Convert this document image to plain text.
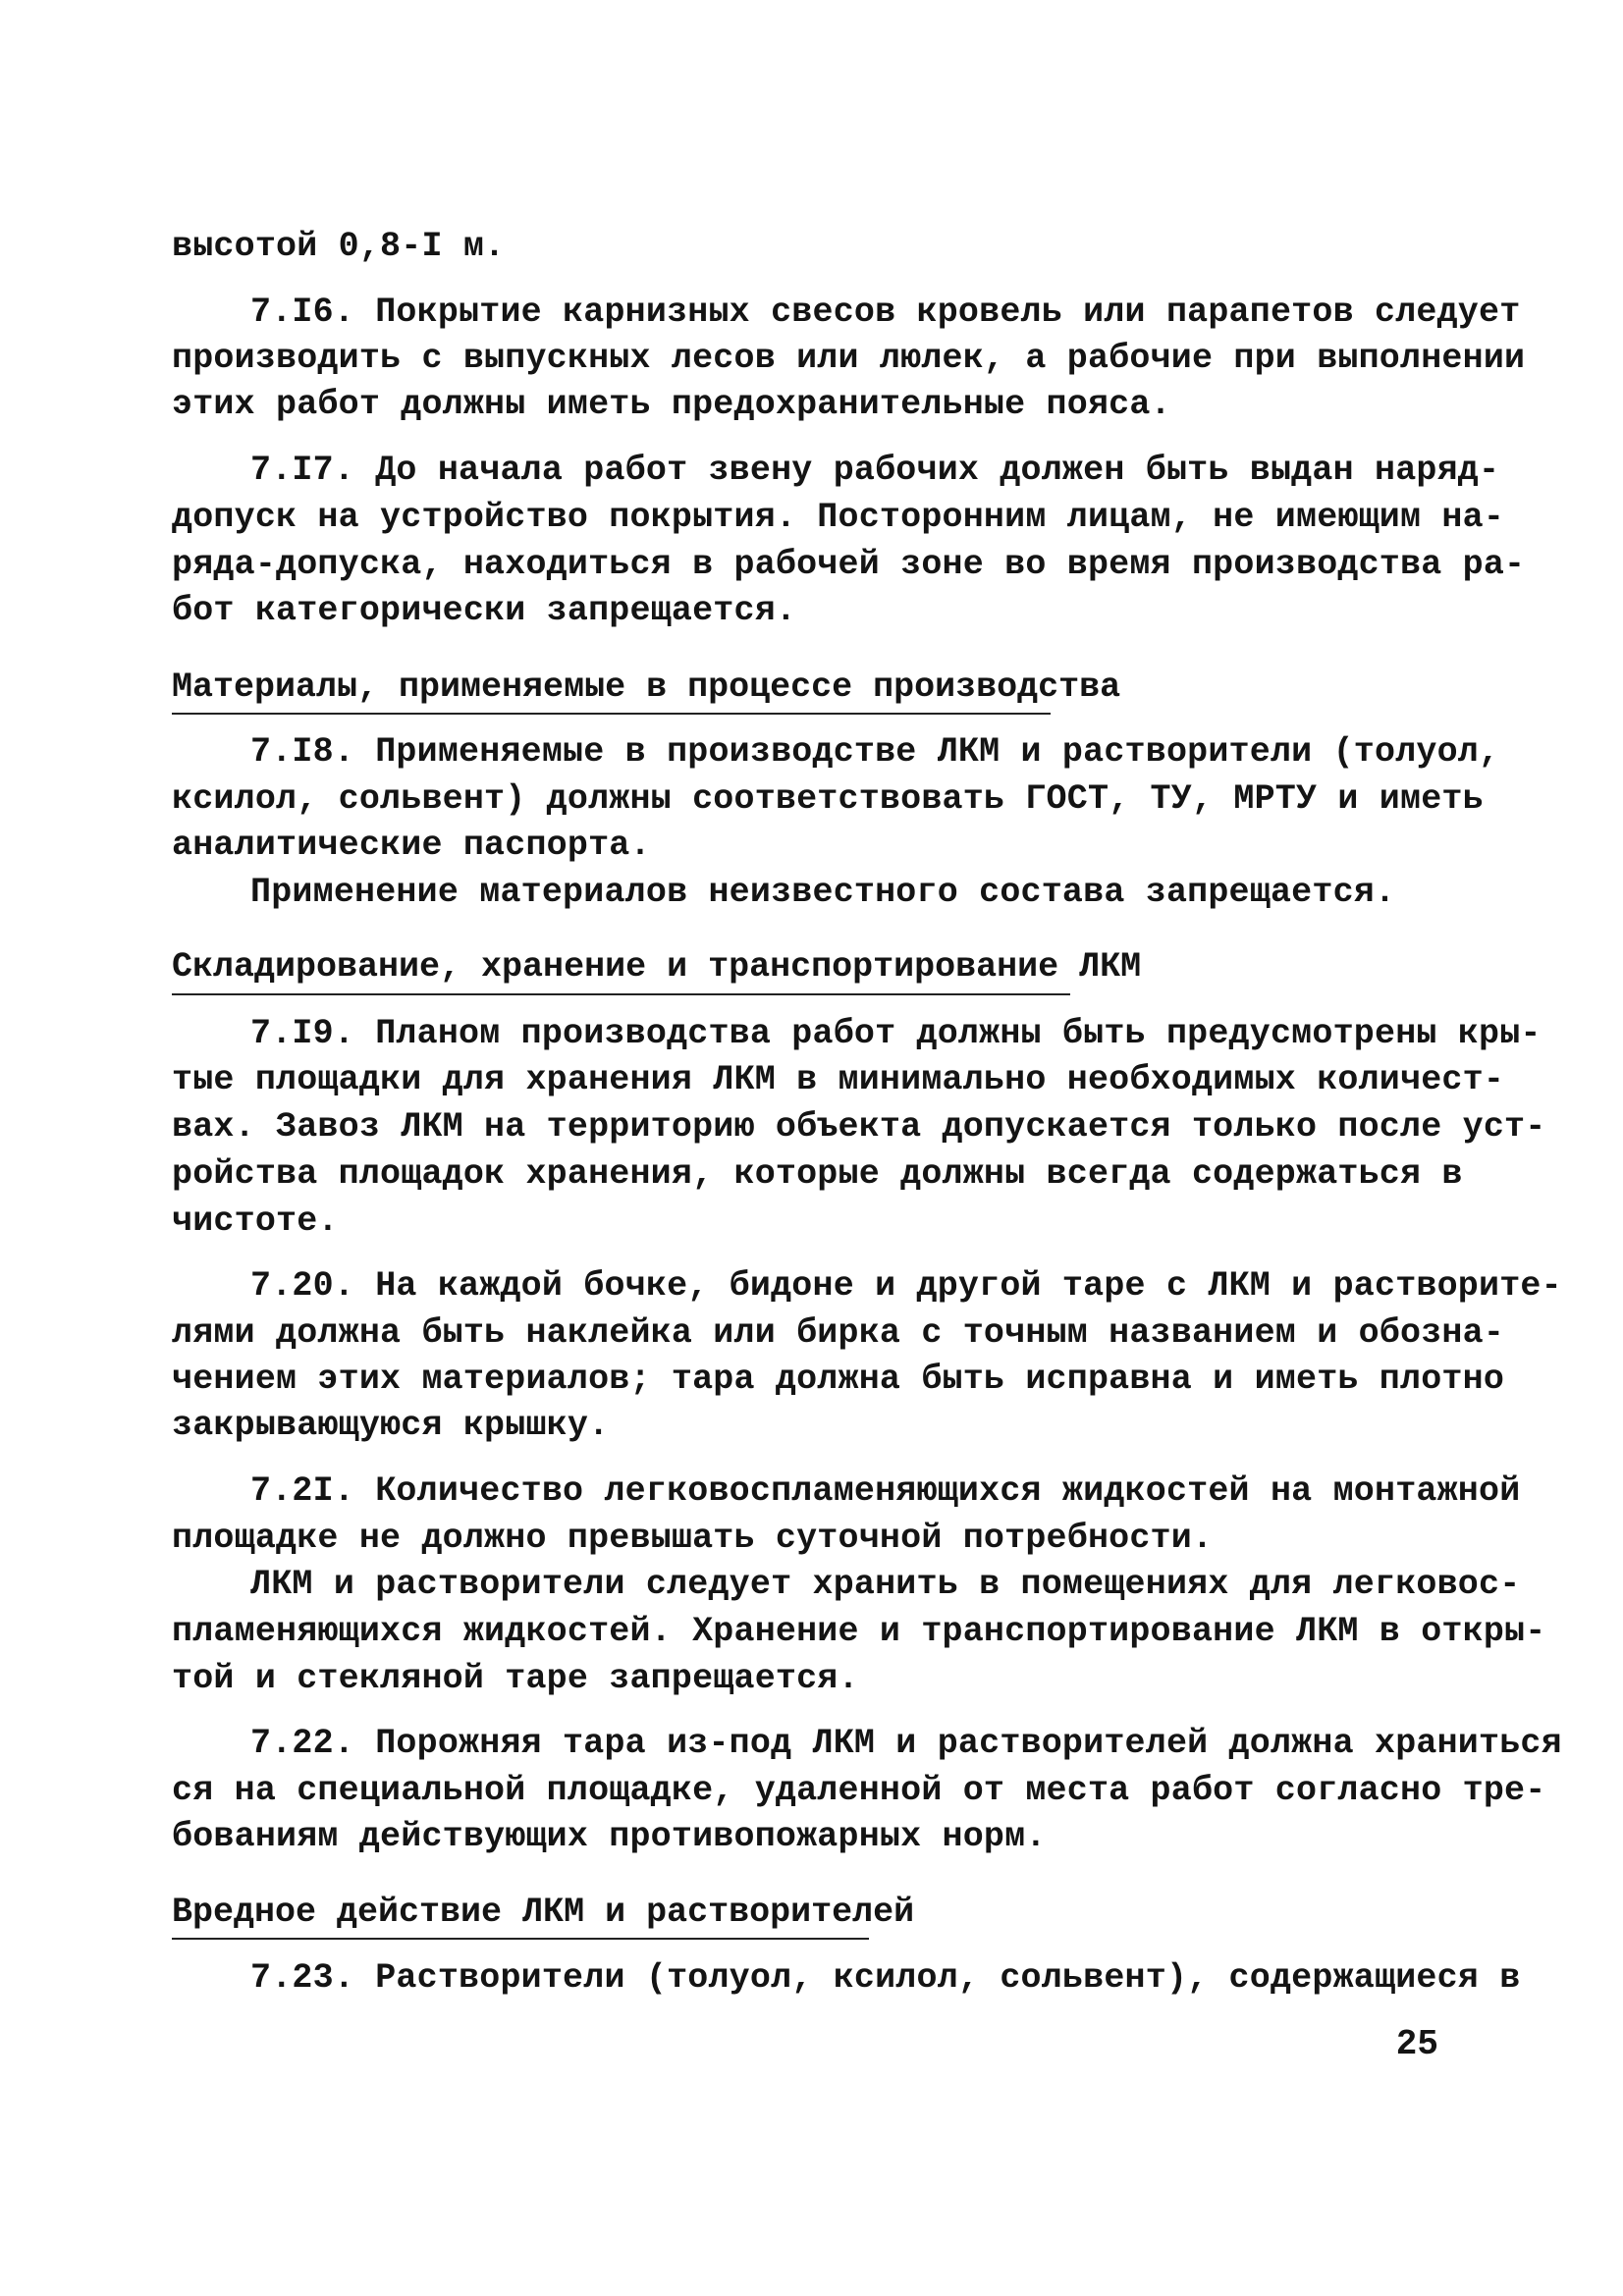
высотой 0,8-I м.

7.I6. Покрытие карнизных свесов кровель или парапетов следует

производить с выпускных лесов или люлек, а рабочие при выполнении

этих работ должны иметь предохранительные пояса.

7.I7. До начала работ звену рабочих должен быть выдан наряд-

допуск на устройство покрытия. Посторонним лицам, не имеющим на-

ряда-допуска, находиться в рабочей зоне во время производства ра-

бот категорически запрещается.

Материалы, применяемые в процессе производства

7.I8. Применяемые в производстве ЛКМ и растворители (толуол,

ксилол, сольвент) должны соответствовать ГОСТ, ТУ, МРТУ и иметь

аналитические паспорта.

Применение материалов неизвестного состава запрещается.

Складирование, хранение и транспортирование ЛКМ

7.I9. Планом производства работ должны быть предусмотрены кры-

тые площадки для хранения ЛКМ в минимально необходимых количест-

вах. Завоз ЛКМ на территорию объекта допускается только после уст-

ройства площадок хранения, которые должны всегда содержаться в

чистоте.

7.20. На каждой бочке, бидоне и другой таре с ЛКМ и растворите-

лями должна быть наклейка или бирка с точным названием и обозна-

чением этих материалов; тара должна быть исправна и иметь плотно

закрывающуюся крышку.

7.2I. Количество легковоспламеняющихся жидкостей на монтажной

площадке не должно превышать суточной потребности.

ЛКМ и растворители следует хранить в помещениях для легковос-

пламеняющихся жидкостей. Хранение и транспортирование ЛКМ в откры-

той и стекляной таре запрещается.

7.22. Порожняя тара из-под ЛКМ и растворителей должна храниться

ся на специальной площадке, удаленной от места работ согласно тре-

бованиям действующих противопожарных норм.

Вредное действие ЛКМ и растворителей

7.23. Растворители (толуол, ксилол, сольвент), содержащиеся в

25
